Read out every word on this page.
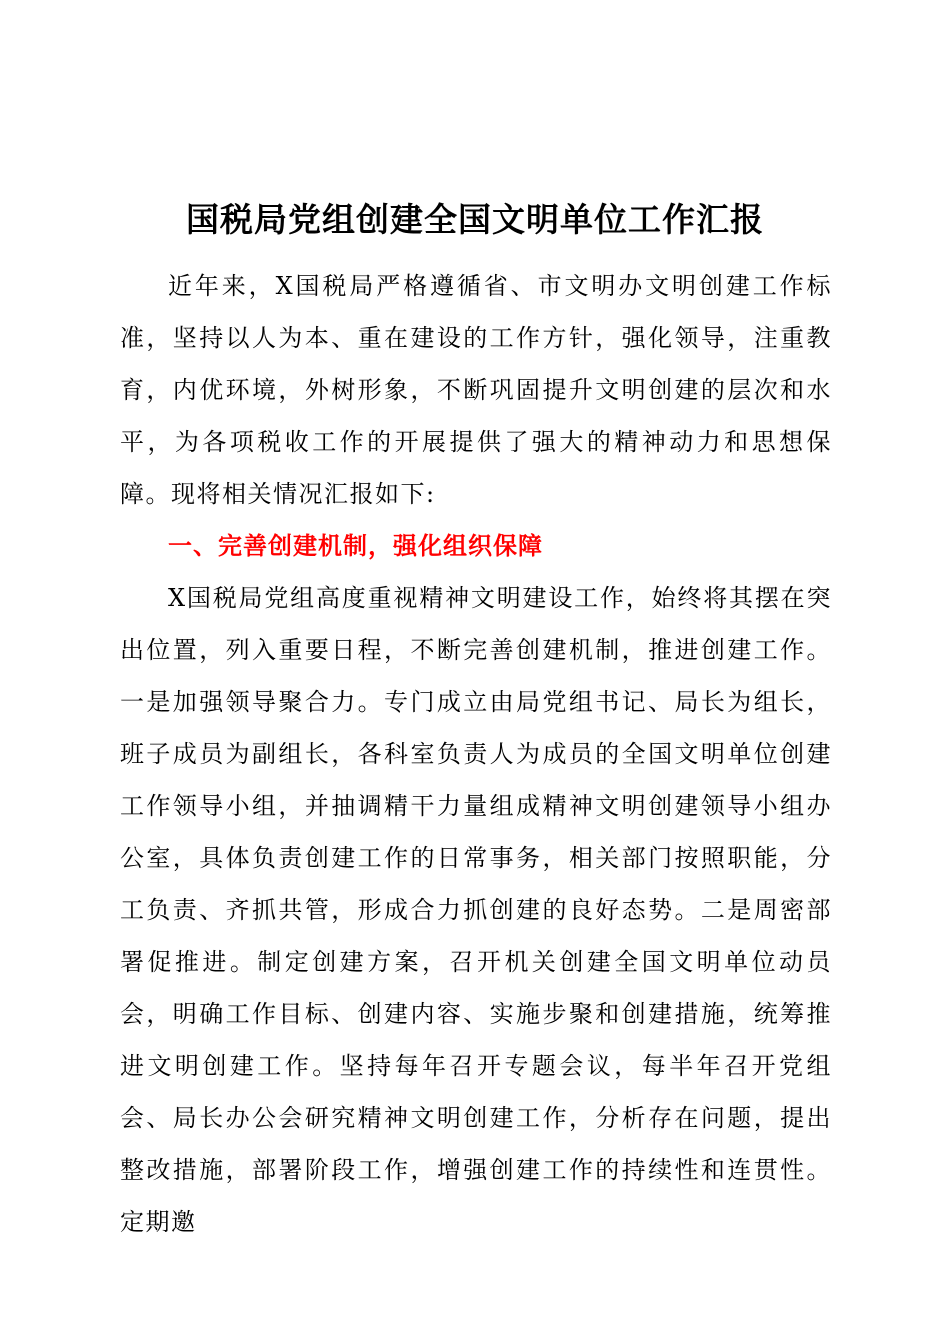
国税局党组创建全国文明单位工作汇报

近年来，X国税局严格遵循省、市文明办文明创建工作标准，坚持以人为本、重在建设的工作方针，强化领导，注重教育，内优环境，外树形象，不断巩固提升文明创建的层次和水平，为各项税收工作的开展提供了强大的精神动力和思想保障。现将相关情况汇报如下:

一、完善创建机制，强化组织保障

X国税局党组高度重视精神文明建设工作，始终将其摆在突出位置，列入重要日程，不断完善创建机制，推进创建工作。一是加强领导聚合力。专门成立由局党组书记、局长为组长，班子成员为副组长，各科室负责人为成员的全国文明单位创建工作领导小组，并抽调精干力量组成精神文明创建领导小组办公室，具体负责创建工作的日常事务，相关部门按照职能，分工负责、齐抓共管，形成合力抓创建的良好态势。二是周密部署促推进。制定创建方案，召开机关创建全国文明单位动员会，明确工作目标、创建内容、实施步聚和创建措施，统筹推进文明创建工作。坚持每年召开专题会议，每半年召开党组会、局长办公会研究精神文明创建工作，分析存在问题，提出整改措施，部署阶段工作，增强创建工作的持续性和连贯性。定期邀
